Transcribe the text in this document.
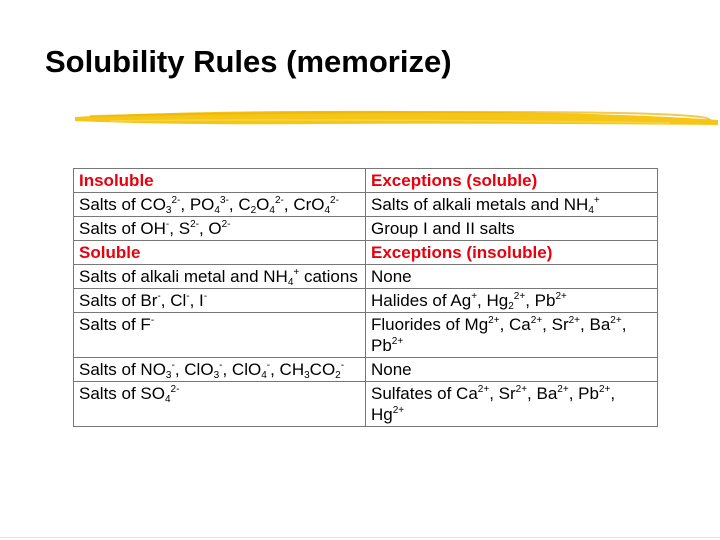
Solubility Rules (memorize)
Insoluble	Exceptions (soluble)
Salts of $CO_3^{2-}$, $PO_4^{3-}$, $C_2O_4^{2-}$, CrO$_4^{2-}$	Salts of alkali metals and $NH_4^+$
Salts of OH-, $S^{2-}$, $O^{2-}$	Group I and II salts
Soluble	Exceptions (insoluble)
Salts of alkali metal and $NH_4^+$ cations	None
Salts of Br-, Cl-, I-	Halides of Ag+, $Hg_2^{2+}$, $Pb^{2+}$
Salts of F-	Fluorides of $Mg^{2+}$, $Ca^{2+}$, $Sr^{2+}$, $Ba^{2+}$, $Pb^{2+}$
Salts of $NO_3^-$, ClO$_3$-, ClO$_4$-, $CH_3CO_2^-$	None
Salts of $SO_4^{2-}$	Sulfates of $Ca^{2+}$, $Sr^{2+}$, $Ba^{2+}$, $Pb^{2+}$, $Hg^{2+}$
